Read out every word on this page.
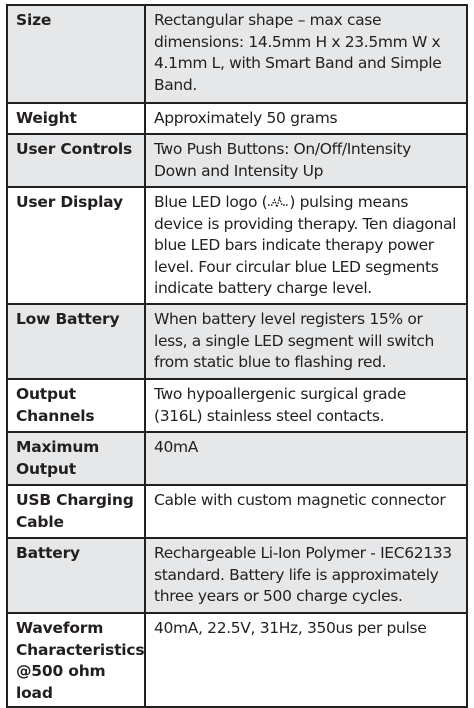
Size	Rectangular shape – max case dimensions: 14.5mm H x 23.5mm W x 4.1mm L, with Smart Band and Simple Band.
Weight	Approximately 50 grams
User Controls	Two Push Buttons: On/Off/Intensity Down and Intensity Up
User Display	Blue LED logo ( ) pulsing means device is providing therapy. Ten diagonal blue LED bars indicate therapy power level. Four circular blue LED segments indicate battery charge level.
Low Battery	When battery level registers 15% or less, a single LED segment will switch from static blue to flashing red.
Output Channels	Two hypoallergenic surgical grade (316L) stainless steel contacts.
Maximum Output	40mA
USB Charging Cable	Cable with custom magnetic connector
Battery	Rechargeable Li-Ion Polymer - IEC62133 standard. Battery life is approximately three years or 500 charge cycles.
Waveform Characteristics @500 ohm load	40mA, 22.5V, 31Hz, 350us per pulse
